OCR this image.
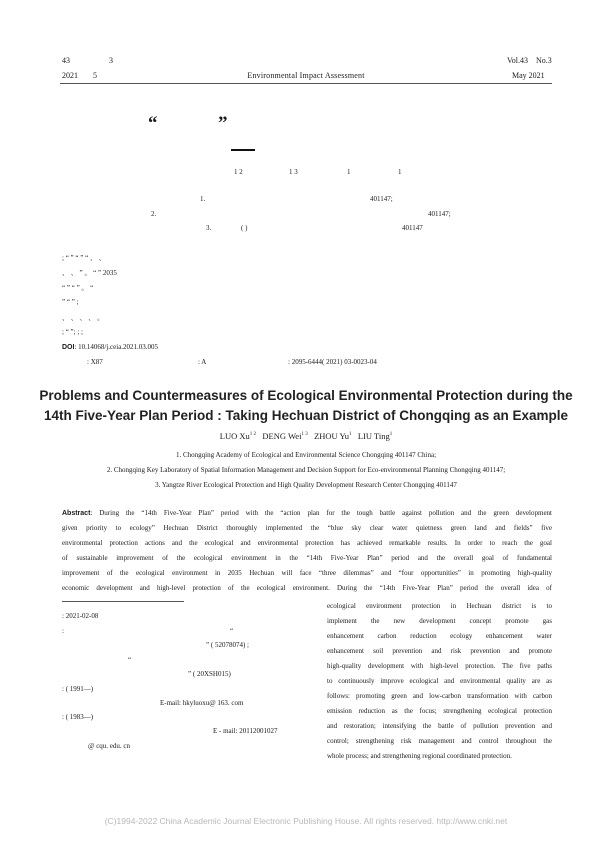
43	3
2021 5	Environmental Impact Assessment
Vol.43 No.3
May 2021
“	”
1 2	1 3	1	1
1.	401147;
2.	401147;
3.	( )	401147
; “ ” “ ” “ 、 、
、 、 ” 。 “ ” 2035
“ ” “ ” 。 “
” “ ” ;
、 、 、 、 。
; “ ”; ; ;
DOI: 10.14068/j.ceia.2021.03.005
: X87	: A	: 2095-6444( 2021) 03-0023-04
Problems and Countermeasures of Ecological Environmental Protection during the
14th Five-Year Plan Period : Taking Hechuan District of Chongqing as an Example
LUO $Xu^{1 2}$ DENG Wei$^{1 3}$ ZHOU Yu$^1$ LIU Ting$^1$
1. Chongqing Academy of Ecological and Environmental Science Chongqing 401147 China;
2. Chongqing Key Laboratory of Spatial Information Management and Decision Support for Eco-environmental Planning Chongqing 401147;
3. Yangtze River Ecological Protection and High Quality Development Research Center Chongqing 401147
Abstract: During the “14th Five-Year Plan” period with the “action plan for the tough battle against pollution and the green development
given priority to ecology” Hechuan District thoroughly implemented the “blue sky clear water quietness green land and fields” five
environmental protection actions and the ecological and environmental protection has achieved remarkable results. In order to reach the goal
of sustainable improvement of the ecological environment in the “14th Five-Year Plan” period and the overall goal of fundamental
improvement of the ecological environment in 2035 Hechuan will face “three dilemmas” and “four opportunities” in promoting high-quality
economic development and high-level protection of the ecological environment. During the “14th Five-Year Plan” period the overall idea of
ecological environment protection in Hechuan district is to
implement the new development concept promote gas
enhancement carbon reduction ecology enhancement water
enhancement soil prevention and risk prevention and promote
high-quality development with high-level protection. The five paths
to continuously improve ecological and environmental quality are as
follows: promoting green and low-carbon transformation with carbon
emission reduction as the focus; strengthening ecological protection
and restoration; intensifying the battle of pollution prevention and
control; strengthening risk management and control throughout the
whole process; and strengthening regional coordinated protection.
: 2021-02-08
:	“
” ( 52078074) ;
“
” ( 20XSH015)
: ( 1991—)
E-mail: hkyluoxu@ 163. com
: ( 1983—)
E - mail: 20112001027
@ cqu. edu. cn
(C)1994-2022 China Academic Journal Electronic Publishing House. All rights reserved. http://www.cnki.net
